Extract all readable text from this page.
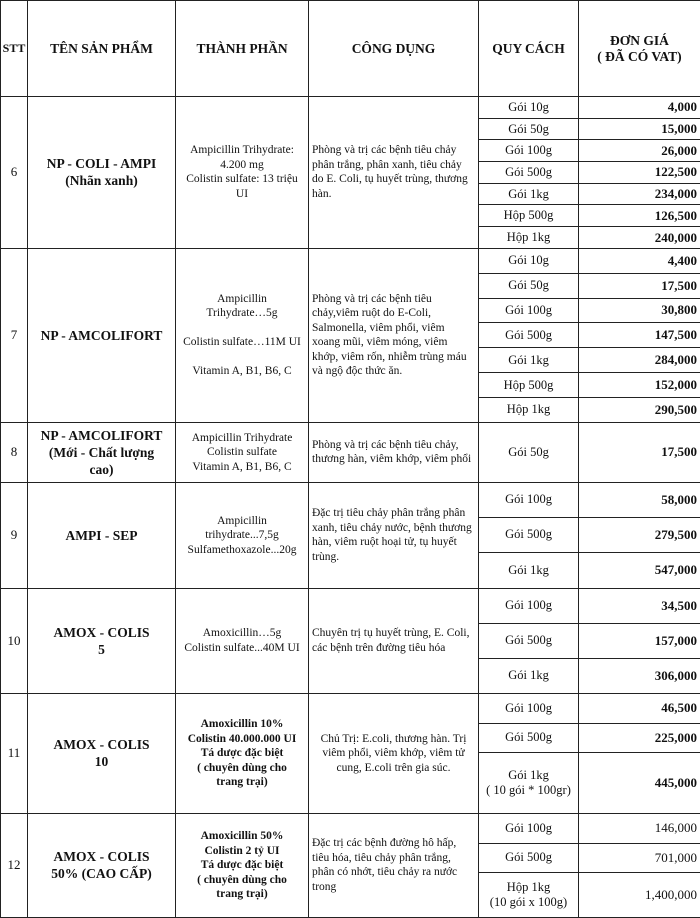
STT	TÊN SẢN PHẨM	THÀNH PHẦN	CÔNG DỤNG	QUY CÁCH	ĐƠN GIÁ
( ĐÃ CÓ VAT)
6	NP - COLI - AMPI
(Nhãn xanh)	Ampicillin Trihydrate:
4.200 mg
Colistin sulfate: 13 triệu
UI	Phòng và trị các bệnh tiêu chảy phân trắng, phân xanh, tiêu chảy do E. Coli, tụ huyết trùng, thương hàn.	Gói 10g	4,000
				Gói 50g	15,000
				Gói 100g	26,000
				Gói 500g	122,500
				Gói 1kg	234,000
				Hộp 500g	126,500
				Hộp 1kg	240,000
7	NP - AMCOLIFORT	Ampicillin
Trihydrate…5g

Colistin sulfate…11M UI

Vitamin A, B1, B6, C	Phòng và trị các bệnh tiêu chảy,viêm ruột do E-Coli, Salmonella, viêm phổi, viêm xoang mũi, viêm móng, viêm khớp, viêm rốn, nhiễm trùng máu và ngộ độc thức ăn.	Gói 10g	4,400
				Gói 50g	17,500
				Gói 100g	30,800
				Gói 500g	147,500
				Gói 1kg	284,000
				Hộp 500g	152,000
				Hộp 1kg	290,500
8	NP - AMCOLIFORT
(Mới - Chất lượng
cao)	Ampicillin Trihydrate
Colistin sulfate
Vitamin A, B1, B6, C	Phòng và trị các bệnh tiêu chảy, thương hàn, viêm khớp, viêm phổi	Gói 50g	17,500
9	AMPI - SEP	Ampicillin
trihydrate...7,5g
Sulfamethoxazole...20g	Đặc trị tiêu chảy phân trắng phân xanh, tiêu chảy nước, bệnh thương hàn, viêm ruột hoại tử, tụ huyết trùng.	Gói 100g	58,000
				Gói 500g	279,500
				Gói 1kg	547,000
10	AMOX - COLIS
5	Amoxicillin…5g
Colistin sulfate...40M UI	Chuyên trị tụ huyết trùng, E. Coli, các bệnh trên đường tiêu hóa	Gói 100g	34,500
				Gói 500g	157,000
				Gói 1kg	306,000
11	AMOX - COLIS
10	Amoxicillin 10%
Colistin 40.000.000 UI
Tá dược đặc biệt
( chuyên dùng cho
trang trại)	Chủ Trị: E.coli, thương hàn. Trị viêm phổi, viêm khớp, viêm tử cung, E.coli trên gia súc.	Gói 100g	46,500
				Gói 500g	225,000
				Gói 1kg
( 10 gói * 100gr)	445,000
12	AMOX - COLIS
50% (CAO CẤP)	Amoxicillin 50%
Colistin 2 tỷ UI
Tá dược đặc biệt
( chuyên dùng cho
trang trại)	Đặc trị các bệnh đường hô hấp, tiêu hóa, tiêu chảy phân trắng, phân có nhớt, tiêu chảy ra nước trong	Gói 100g	146,000
				Gói 500g	701,000
				Hộp 1kg
(10 gói x 100g)	1,400,000
